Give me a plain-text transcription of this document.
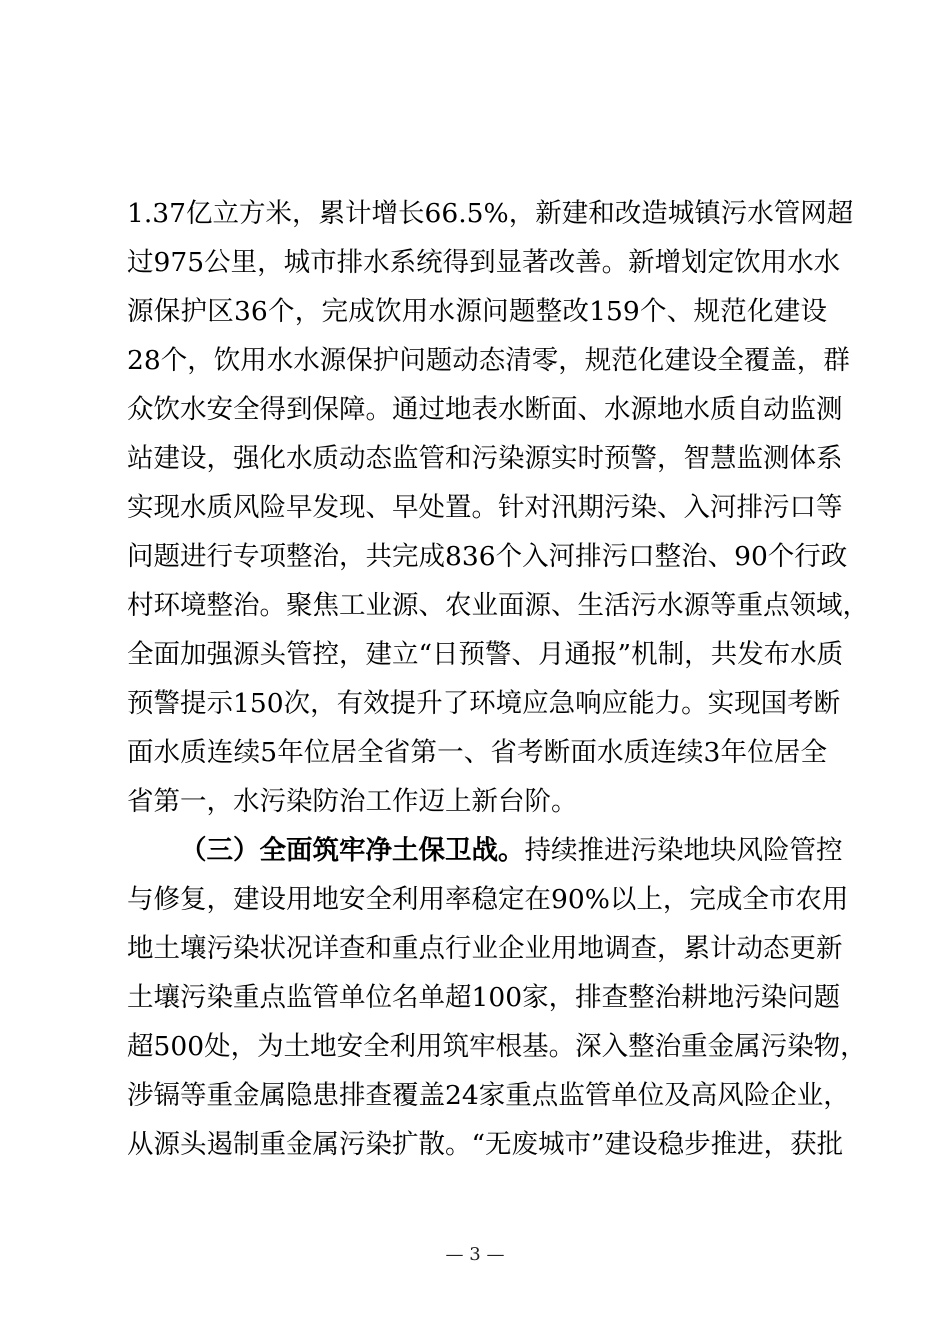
1.37亿立方米，累计增长66.5%，新建和改造城镇污水管网超
过975公里，城市排水系统得到显著改善。新增划定饮用水水
源保护区36个，完成饮用水源问题整改159个、规范化建设
28个，饮用水水源保护问题动态清零，规范化建设全覆盖，群
众饮水安全得到保障。通过地表水断面、水源地水质自动监测
站建设，强化水质动态监管和污染源实时预警，智慧监测体系
实现水质风险早发现、早处置。针对汛期污染、入河排污口等
问题进行专项整治，共完成836个入河排污口整治、90个行政
村环境整治。聚焦工业源、农业面源、生活污水源等重点领域，
全面加强源头管控，建立“日预警、月通报”机制，共发布水质
预警提示150次，有效提升了环境应急响应能力。实现国考断
面水质连续5年位居全省第一、省考断面水质连续3年位居全
省第一，水污染防治工作迈上新台阶。
（三）全面筑牢净土保卫战。持续推进污染地块风险管控
与修复，建设用地安全利用率稳定在90%以上，完成全市农用
地土壤污染状况详查和重点行业企业用地调查，累计动态更新
土壤污染重点监管单位名单超100家，排查整治耕地污染问题
超500处，为土地安全利用筑牢根基。深入整治重金属污染物，
涉镉等重金属隐患排查覆盖24家重点监管单位及高风险企业，
从源头遏制重金属污染扩散。“无废城市”建设稳步推进，获批
— 3 —
